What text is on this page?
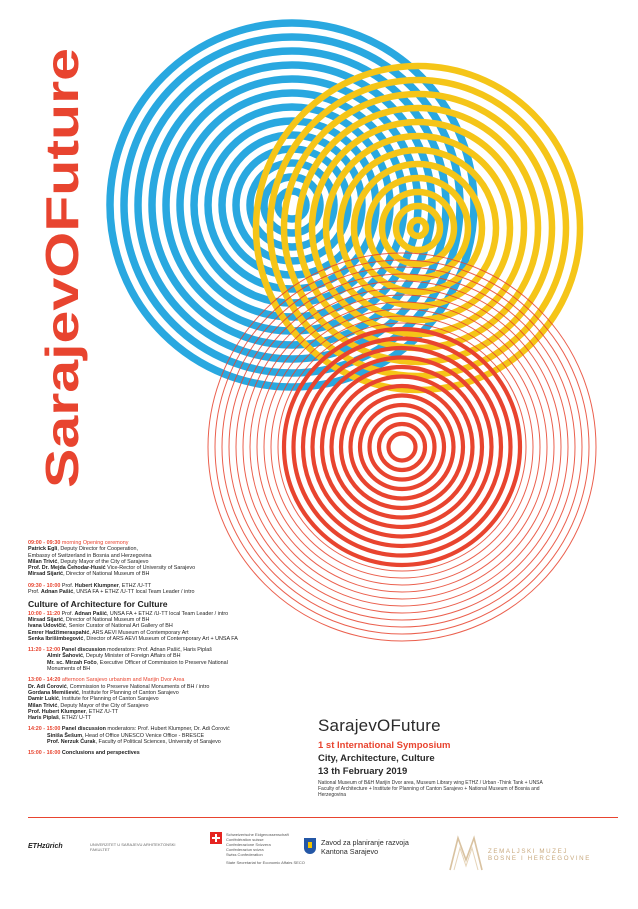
SarajevOFuture
09:00 - 09:30 morning Opening ceremony
Patrick Egli, Deputy Director for Cooperation,
Embassy of Switzerland in Bosnia and Herzegovina
Milan Trivić, Deputy Mayor of the City of Sarajevo
Prof. Dr. Mejda Čehodar-Husić Vice-Rector of University of Sarajevo
Mirsad Sijarić, Director of National Museum of BH
09:30 - 10:00 Prof. Hubert Klumpner, ETHZ /U-TT
Prof. Adnan Pašić, UNSA FA + ETHZ /U-TT local Team Leader / intro
Culture of Architecture for Culture
10:00 - 11:20 Prof. Adnan Pašić, UNSA FA + ETHZ /U-TT local Team Leader / intro
Mirsad Sijarić, Director of National Museum of BH
Ivana Udovičić, Senior Curator of National Art Gallery of BH
Emrer Hadžimeraspahić, ARS AEVI Museum of Contemporary Art
Senka Ibrišimbegović, Director of ARS AEVI Museum of Contemporary Art + UNSA FA
11:20 - 12:00 Panel discussion moderators: Prof. Adnan Pašić, Haris Piplaš
Almir Šahović, Deputy Minister of Foreign Affairs of BH
Mr. sc. Mirzah Fočo, Executive Officer of Commission to Preserve National
Monuments of BH
13:00 - 14:20 afternoon Sarajevo urbanism and Marijin Dvor Area
Dr. Adi Ćorović, Commission to Preserve National Monuments of BH / intro
Gordana Memišević, Institute for Planning of Canton Sarajevo
Damir Lukić, Institute for Planning of Canton Sarajevo
Milan Trivić, Deputy Mayor of the City of Sarajevo
Prof. Hubert Klumpner, ETHZ /U-TT
Haris Piplaš, ETHZ/ U-TT
14:20 - 15:00 Panel discussion moderators: Prof. Hubert Klumpner, Dr. Adi Ćorović
Siniša Šešum, Head of Office UNESCO Venice Office - BRESCE
Prof. Nerzuk Ćurak, Faculty of Political Sciences, University of Sarajevo
15:00 - 16:00 Conclusions and perspectives
SarajevOFuture
1 st International Symposium
City, Architecture, Culture
13 th February 2019
National Museum of B&H Marijin Dvor area, Museum Library wing ETHZ / Urban -Think Tank + UNSA Faculty of Architecture + Institute for Planning of Canton Sarajevo + National Museum of Bosnia and Herzegovina
ETHzürich	UNIVERZITET U SARAJEVU ARHITEKTONSKI FAKULTET
Schweizerische Eidgenossenschaft
Confédération suisse
Confederazione Svizzera
Confederaziun svizra
Swiss Confederation
State Secretariat for Economic Affairs SECO
Zavod za planiranje razvoja
Kantona Sarajevo	ZEMALJSKI MUZEJ
BOSNE I HERCEGOVINE
